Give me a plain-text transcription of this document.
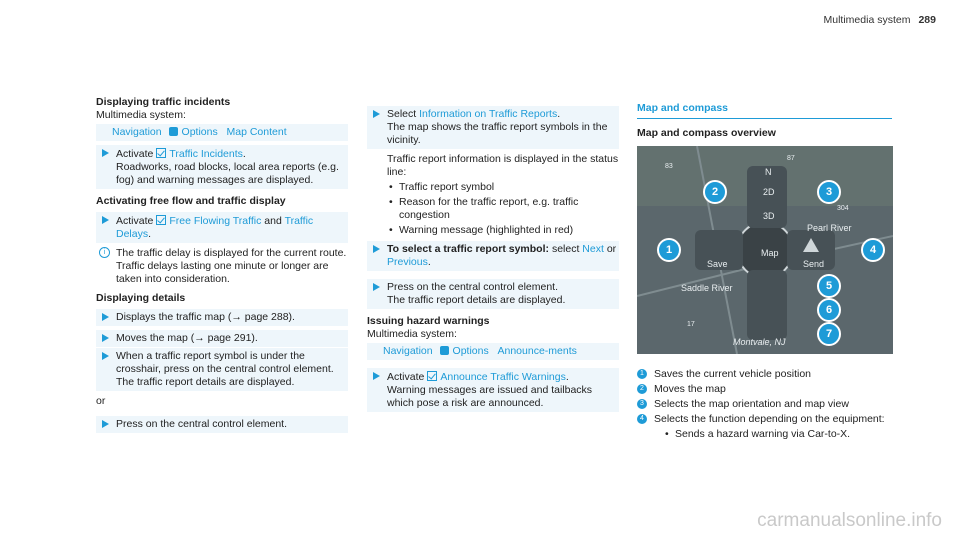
Multimedia system 289

Displaying traffic incidents

Multimedia system:
Navigation Options Map Content
Activate Traffic Incidents.
Roadworks, road blocks, local area reports (e.g. fog) and warning messages are displayed.

Activating free flow and traffic display

Activate Free Flowing Traffic and Traffic Delays.
i	The traffic delay is displayed for the current route. Traffic delays lasting one minute or longer are taken into consideration.

Displaying details

Displays the traffic map (→ page 288).
Moves the map (→ page 291).
When a traffic report symbol is under the crosshair, press on the central control element.
The traffic report details are displayed.
or
Press on the central control element.
Select Information on Traffic Reports.
The map shows the traffic report symbols in the vicinity.
Traffic report information is displayed in the status line:
• Traffic report symbol
• Reason for the traffic report, e.g. traffic congestion
• Warning message (highlighted in red)
To select a traffic report symbol: select Next or Previous.
Press on the central control element.
The traffic report details are displayed.

Issuing hazard warnings

Multimedia system:
Navigation Options Announce-ments
Activate Announce Traffic Warnings.
Warning messages are issued and tailbacks which pose a risk are announced.
Map and compass

Map and compass overview

Map
Save	Send
Saddle River
Pearl River
Montvale, NJ
2D
3D
N
304
17
87
83
1
2	3
4
5
6
7
1 Saves the current vehicle position
2 Moves the map
3 Selects the map orientation and map view
4 Selects the function depending on the equipment:
• Sends a hazard warning via Car-to-X.
carmanualsonline.info
